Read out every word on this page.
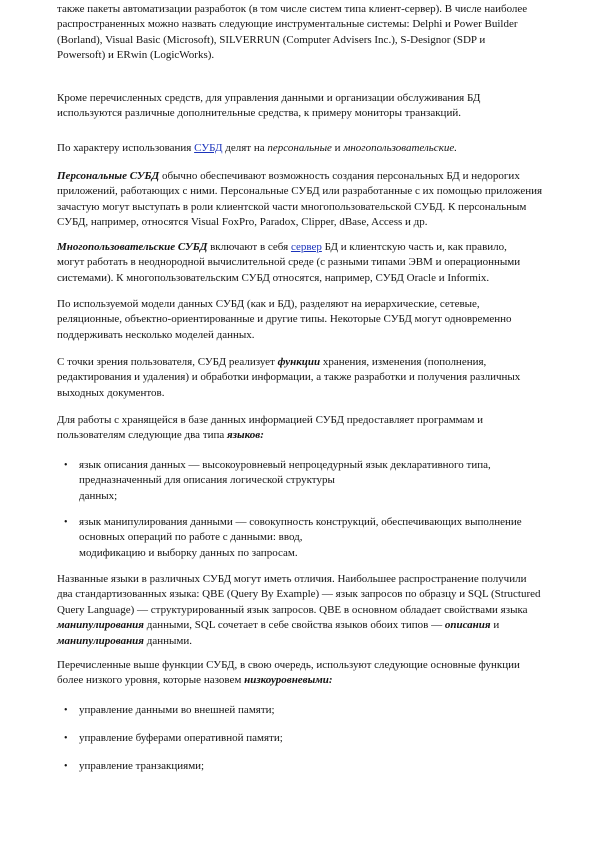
также пакеты автоматизации разработок (в том числе систем типа клиент-сервер). В числе наиболее
распространенных можно назвать следующие инструментальные системы: Delphi и Power Builder
(Borland), Visual Basic (Microsoft), SILVERRUN (Computer Advisers Inc.), S-Designor (SDP и
Powersoft) и ERwin (LogicWorks).

Кроме перечисленных средств, для управления данными и организации обслуживания БД
используются различные дополнительные средства, к примеру мониторы транзакций.

По характеру использования СУБД делят на персональные и многопользовательские.

Персональные СУБД обычно обеспечивают возможность создания персональных БД и недорогих
приложений, работающих с ними. Персональные СУБД или разработанные с их помощью приложения
зачастую могут выступать в роли клиентской части многопользовательской СУБД. К персональным
СУБД, например, относятся Visual FoxPro, Paradox, Clipper, dBase, Access и др.

Многопользовательские СУБД включают в себя сервер БД и клиентскую часть и, как правило,
могут работать в неоднородной вычислительной среде (с разными типами ЭВМ и операционными
системами). К многопользовательским СУБД относятся, например, СУБД Oracle и Informix.

По используемой модели данных СУБД (как и БД), разделяют на иерархические, сетевые,
реляционные, объектно-ориентированные и другие типы. Некоторые СУБД могут одновременно
поддерживать несколько моделей данных.

С точки зрения пользователя, СУБД реализует функции хранения, изменения (пополнения,
редактирования и удаления) и обработки информации, а также разработки и получения различных
выходных документов.

Для работы с хранящейся в базе данных информацией СУБД предоставляет программам и
пользователям следующие два типа языков:

• язык описания данных — высокоуровневый непроцедурный язык декларативного типа,
предназначенный для описания логической структуры
данных;
• язык манипулирования данными — совокупность конструкций, обеспечивающих выполнение
основных операций по работе с данными: ввод,
модификацию и выборку данных по запросам.

Названные языки в различных СУБД могут иметь отличия. Наибольшее распространение получили
два стандартизованных языка: QBE (Query By Example) — язык запросов по образцу и SQL (Structured
Query Language) — структурированный язык запросов. QBE в основном обладает свойствами языка
манипулирования данными, SQL сочетает в себе свойства языков обоих типов — описания и
манипулирования данными.

Перечисленные выше функции СУБД, в свою очередь, используют следующие основные функции
более низкого уровня, которые назовем низкоуровневыми:

• управление данными во внешней памяти;
• управление буферами оперативной памяти;
• управление транзакциями;
